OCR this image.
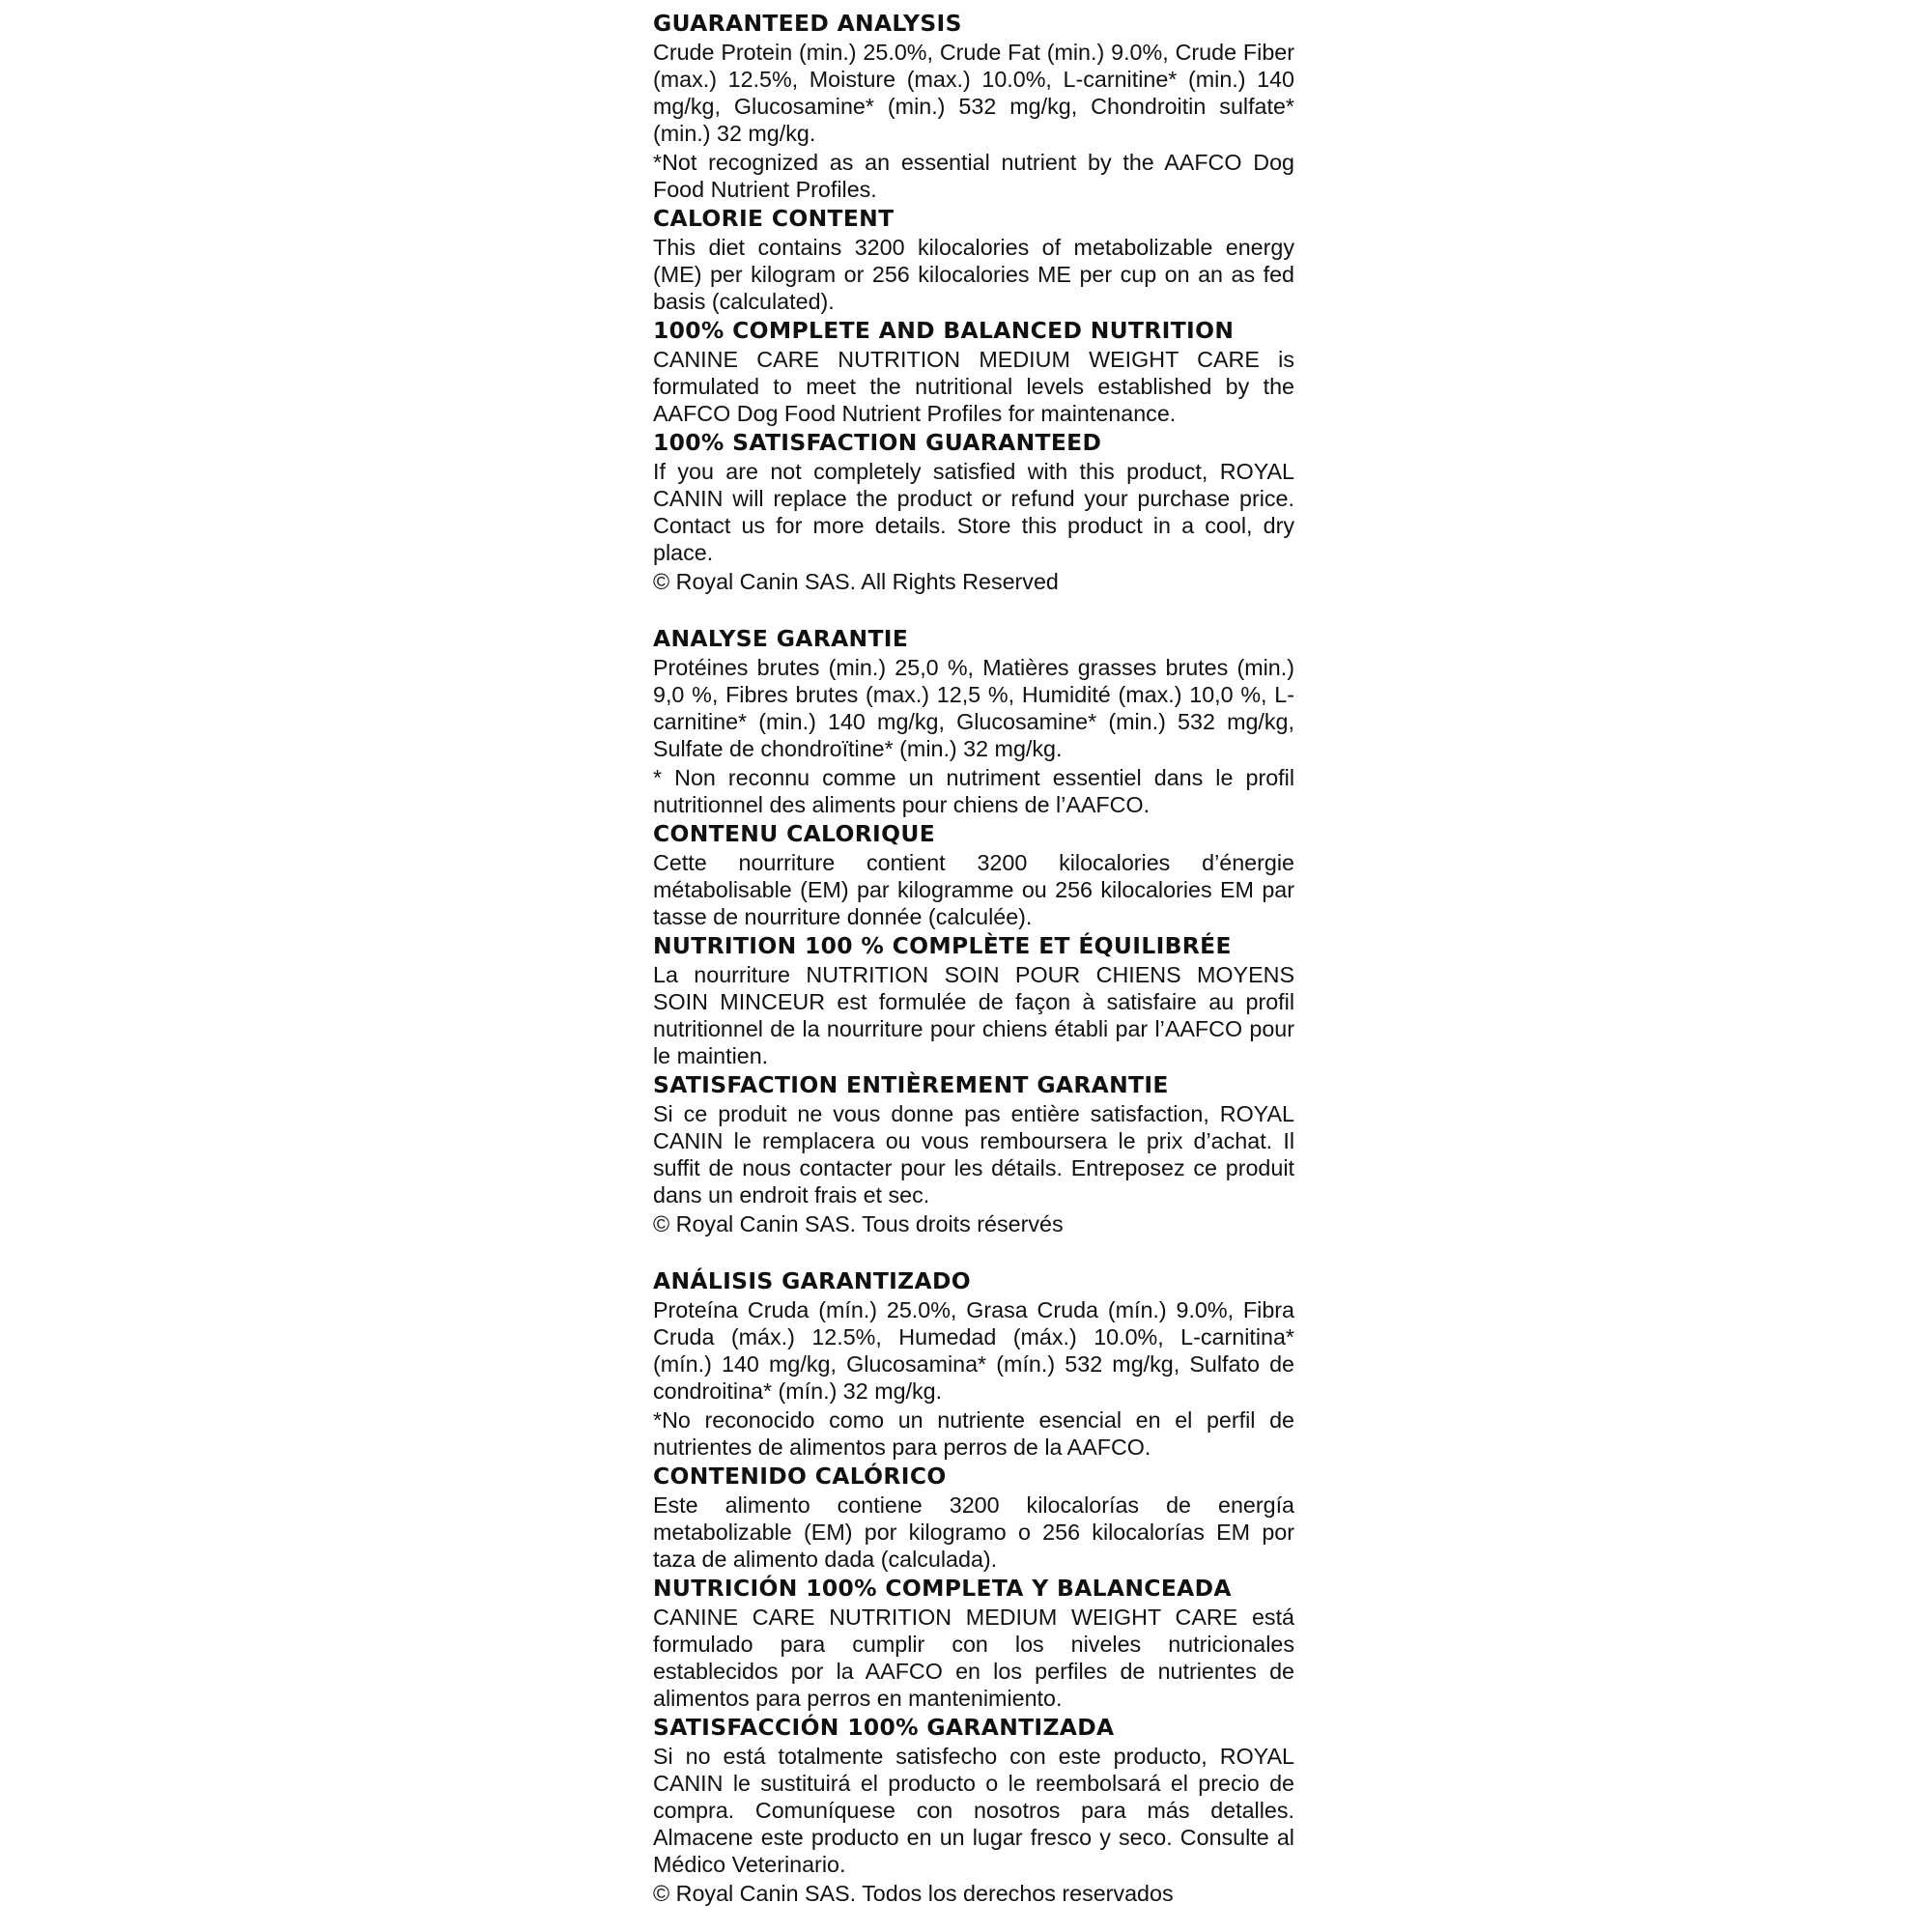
GUARANTEED ANALYSIS

Crude Protein (min.) 25.0%, Crude Fat (min.) 9.0%, Crude Fiber (max.) 12.5%, Moisture (max.) 10.0%, L-carnitine* (min.) 140 mg/kg, Glucosamine* (min.) 532 mg/kg, Chondroitin sulfate* (min.) 32 mg/kg.

*Not recognized as an essential nutrient by the AAFCO Dog Food Nutrient Profiles.

CALORIE CONTENT

This diet contains 3200 kilocalories of metabolizable energy (ME) per kilogram or 256 kilocalories ME per cup on an as fed basis (calculated).

100% COMPLETE AND BALANCED NUTRITION

CANINE CARE NUTRITION MEDIUM WEIGHT CARE is formulated to meet the nutritional levels established by the AAFCO Dog Food Nutrient Profiles for maintenance.

100% SATISFACTION GUARANTEED

If you are not completely satisfied with this product, ROYAL CANIN will replace the product or refund your purchase price. Contact us for more details. Store this product in a cool, dry place.

© Royal Canin SAS. All Rights Reserved
ANALYSE GARANTIE

Protéines brutes (min.) 25,0 %, Matières grasses brutes (min.) 9,0 %, Fibres brutes (max.) 12,5 %, Humidité (max.) 10,0 %, L-carnitine* (min.) 140 mg/kg, Glucosamine* (min.) 532 mg/kg, Sulfate de chondroïtine* (min.) 32 mg/kg.

* Non reconnu comme un nutriment essentiel dans le profil nutritionnel des aliments pour chiens de l’AAFCO.

CONTENU CALORIQUE

Cette nourriture contient 3200 kilocalories d’énergie métabolisable (EM) par kilogramme ou 256 kilocalories EM par tasse de nourriture donnée (calculée).

NUTRITION 100 % COMPLÈTE ET ÉQUILIBRÉE

La nourriture NUTRITION SOIN POUR CHIENS MOYENS SOIN MINCEUR est formulée de façon à satisfaire au profil nutritionnel de la nourriture pour chiens établi par l’AAFCO pour le maintien.

SATISFACTION ENTIÈREMENT GARANTIE

Si ce produit ne vous donne pas entière satisfaction, ROYAL CANIN le remplacera ou vous remboursera le prix d’achat. Il suffit de nous contacter pour les détails. Entreposez ce produit dans un endroit frais et sec.

© Royal Canin SAS. Tous droits réservés
ANÁLISIS GARANTIZADO

Proteína Cruda (mín.) 25.0%, Grasa Cruda (mín.) 9.0%, Fibra Cruda (máx.) 12.5%, Humedad (máx.) 10.0%, L-carnitina* (mín.) 140 mg/kg, Glucosamina* (mín.) 532 mg/kg, Sulfato de condroitina* (mín.) 32 mg/kg.

*No reconocido como un nutriente esencial en el perfil de nutrientes de alimentos para perros de la AAFCO.

CONTENIDO CALÓRICO

Este alimento contiene 3200 kilocalorías de energía metabolizable (EM) por kilogramo o 256 kilocalorías EM por taza de alimento dada (calculada).

NUTRICIÓN 100% COMPLETA Y BALANCEADA

CANINE CARE NUTRITION MEDIUM WEIGHT CARE está formulado para cumplir con los niveles nutricionales establecidos por la AAFCO en los perfiles de nutrientes de alimentos para perros en mantenimiento.

SATISFACCIÓN 100% GARANTIZADA

Si no está totalmente satisfecho con este producto, ROYAL CANIN le sustituirá el producto o le reembolsará el precio de compra. Comuníquese con nosotros para más detalles. Almacene este producto en un lugar fresco y seco. Consulte al Médico Veterinario.

© Royal Canin SAS. Todos los derechos reservados
